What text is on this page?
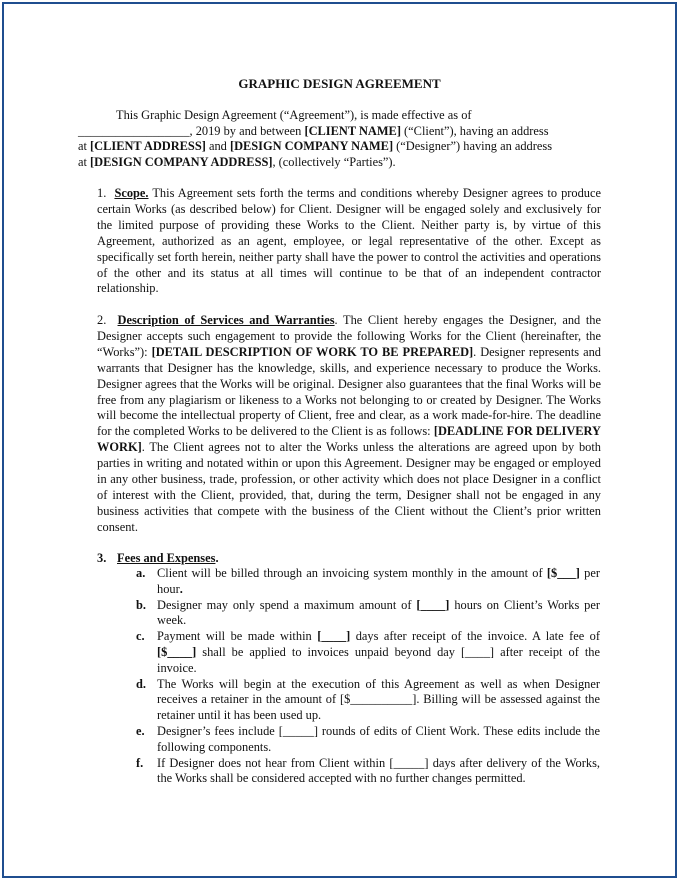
GRAPHIC DESIGN AGREEMENT

This Graphic Design Agreement (“Agreement”), is made effective as of

__________________, 2019 by and between [CLIENT NAME] (“Client”), having an address

at [CLIENT ADDRESS] and [DESIGN COMPANY NAME] (“Designer”) having an address

at [DESIGN COMPANY ADDRESS], (collectively “Parties”).

1. Scope. This Agreement sets forth the terms and conditions whereby Designer agrees to produce certain Works (as described below) for Client. Designer will be engaged solely and exclusively for the limited purpose of providing these Works to the Client. Neither party is, by virtue of this Agreement, authorized as an agent, employee, or legal representative of the other. Except as specifically set forth herein, neither party shall have the power to control the activities and operations of the other and its status at all times will continue to be that of an independent contractor relationship.
2. Description of Services and Warranties. The Client hereby engages the Designer, and the Designer accepts such engagement to provide the following Works for the Client (hereinafter, the “Works”): [DETAIL DESCRIPTION OF WORK TO BE PREPARED]. Designer represents and warrants that Designer has the knowledge, skills, and experience necessary to produce the Works. Designer agrees that the Works will be original. Designer also guarantees that the final Works will be free from any plagiarism or likeness to a Works not belonging to or created by Designer. The Works will become the intellectual property of Client, free and clear, as a work made-for-hire. The deadline for the completed Works to be delivered to the Client is as follows: [DEADLINE FOR DELIVERY WORK]. The Client agrees not to alter the Works unless the alterations are agreed upon by both parties in writing and notated within or upon this Agreement. Designer may be engaged or employed in any other business, trade, profession, or other activity which does not place Designer in a conflict of interest with the Client, provided, that, during the term, Designer shall not be engaged in any business activities that compete with the business of the Client without the Client’s prior written consent.
3. Fees and Expenses.
a. Client will be billed through an invoicing system monthly in the amount of [$___] per hour.
b. Designer may only spend a maximum amount of [____] hours on Client’s Works per week.
c. Payment will be made within [____] days after receipt of the invoice. A late fee of [$____] shall be applied to invoices unpaid beyond day [____] after receipt of the invoice.
d. The Works will begin at the execution of this Agreement as well as when Designer receives a retainer in the amount of [$__________]. Billing will be assessed against the retainer until it has been used up.
e. Designer’s fees include [_____] rounds of edits of Client Work. These edits include the following components.
f.	If Designer does not hear from Client within [_____] days after delivery of the Works, the Works shall be considered accepted with no further changes permitted.
